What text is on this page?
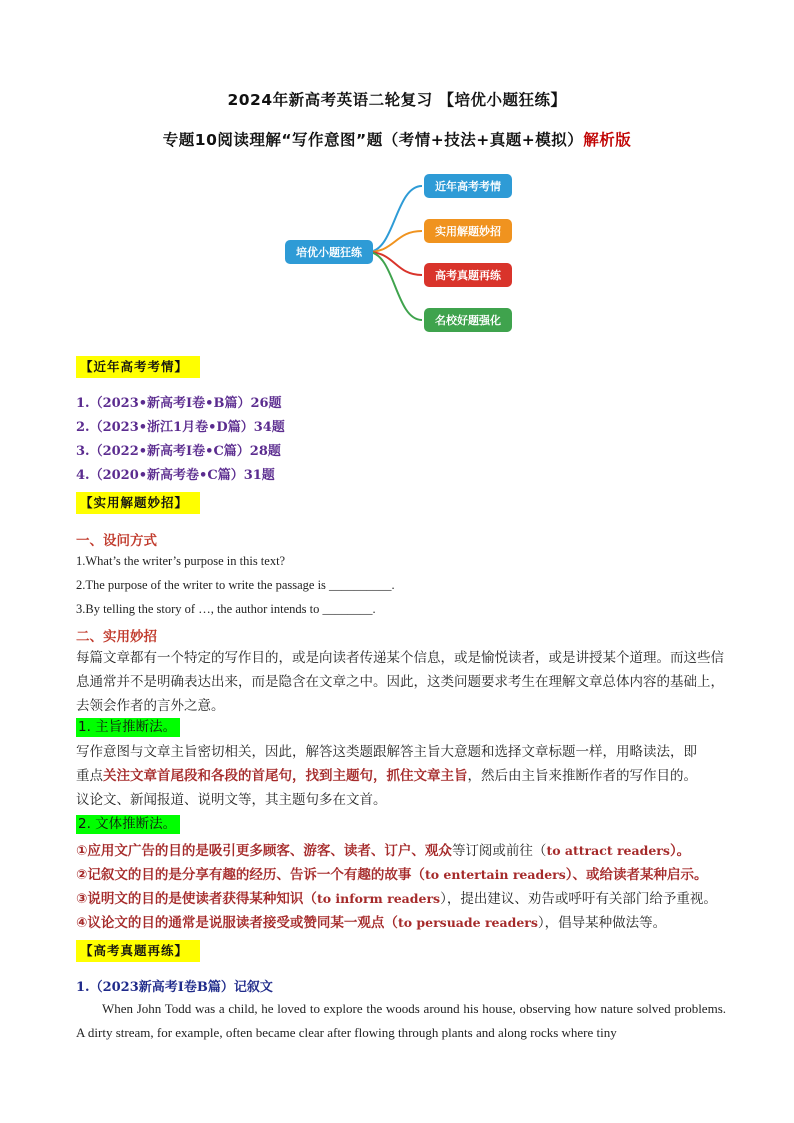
2024年新高考英语二轮复习 【培优小题狂练】
专题10阅读理解“写作意图”题（考情+技法+真题+模拟）解析版
培优小题狂练
近年高考考情
实用解题妙招
高考真题再练
名校好题强化
【近年高考考情】
1.（2023•新高考Ⅰ卷•B篇）26题
2.（2023•浙江1月卷•D篇）34题
3.（2022•新高考Ⅰ卷•C篇）28题
4.（2020•新高考卷•C篇）31题
【实用解题妙招】
一、设问方式
1.What’s the writer’s purpose in this text?
2.The purpose of the writer to write the passage is __________.
3.By telling the story of …, the author intends to ________.
二、实用妙招
每篇文章都有一个特定的写作目的，或是向读者传递某个信息，或是愉悦读者，或是讲授某个道理。而这些信息通常并不是明确表达出来，而是隐含在文章之中。因此，这类问题要求考生在理解文章总体内容的基础上，去领会作者的言外之意。
1. 主旨推断法。
写作意图与文章主旨密切相关，因此，解答这类题跟解答主旨大意题和选择文章标题一样，用略读法，即
重点关注文章首尾段和各段的首尾句，找到主题句，抓住文章主旨，然后由主旨来推断作者的写作目的。
议论文、新闻报道、说明文等，其主题句多在文首。
2. 文体推断法。
①应用文广告的目的是吸引更多顾客、游客、读者、订户、观众等订阅或前往（to attract readers）。
②记叙文的目的是分享有趣的经历、告诉一个有趣的故事（to entertain readers）、或给读者某种启示。
③说明文的目的是使读者获得某种知识（to inform readers），提出建议、劝告或呼吁有关部门给予重视。
④议论文的目的通常是说服读者接受或赞同某一观点（to persuade readers），倡导某种做法等。
【高考真题再练】
1.（2023新高考Ⅰ卷B篇）记叙文
When John Todd was a child, he loved to explore the woods around his house, observing how nature solved problems. A dirty stream, for example, often became clear after flowing through plants and along rocks where tiny
